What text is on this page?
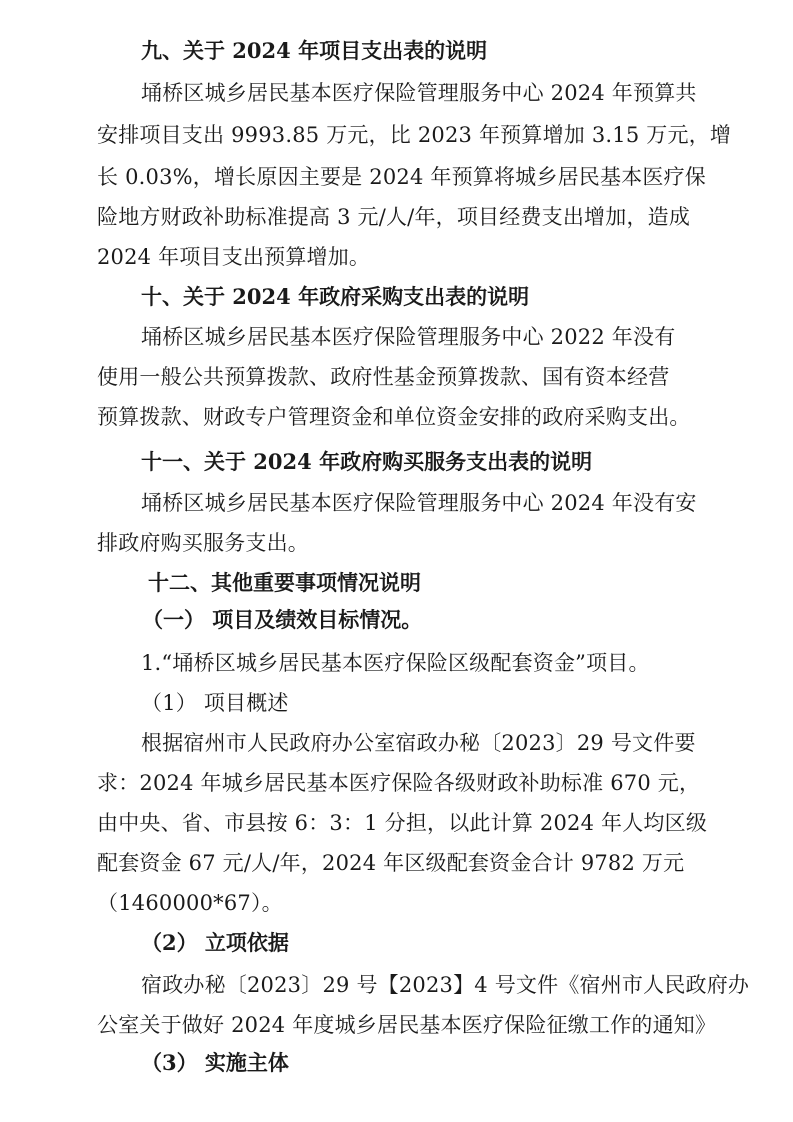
九、关于 2024 年项目支出表的说明
埇桥区城乡居民基本医疗保险管理服务中心 2024 年预算共
安排项目支出 9993.85 万元，比 2023 年预算增加 3.15 万元，增
长 0.03%，增长原因主要是 2024 年预算将城乡居民基本医疗保
险地方财政补助标准提高 3 元/人/年，项目经费支出增加，造成
2024 年项目支出预算增加。
十、关于 2024 年政府采购支出表的说明
埇桥区城乡居民基本医疗保险管理服务中心 2022 年没有
使用一般公共预算拨款、政府性基金预算拨款、国有资本经营
预算拨款、财政专户管理资金和单位资金安排的政府采购支出。
十一、关于 2024 年政府购买服务支出表的说明
埇桥区城乡居民基本医疗保险管理服务中心 2024 年没有安
排政府购买服务支出。
十二、其他重要事项情况说明
（一） 项目及绩效目标情况。
1.“埇桥区城乡居民基本医疗保险区级配套资金”项目。
（1） 项目概述
根据宿州市人民政府办公室宿政办秘〔2023〕29 号文件要
求：2024 年城乡居民基本医疗保险各级财政补助标准 670 元，
由中央、省、市县按 6：3：1 分担，以此计算 2024 年人均区级
配套资金 67 元/人/年，2024 年区级配套资金合计 9782 万元
（1460000*67）。
（2） 立项依据
宿政办秘〔2023〕29 号【2023】4 号文件《宿州市人民政府办
公室关于做好 2024 年度城乡居民基本医疗保险征缴工作的通知》
（3） 实施主体
